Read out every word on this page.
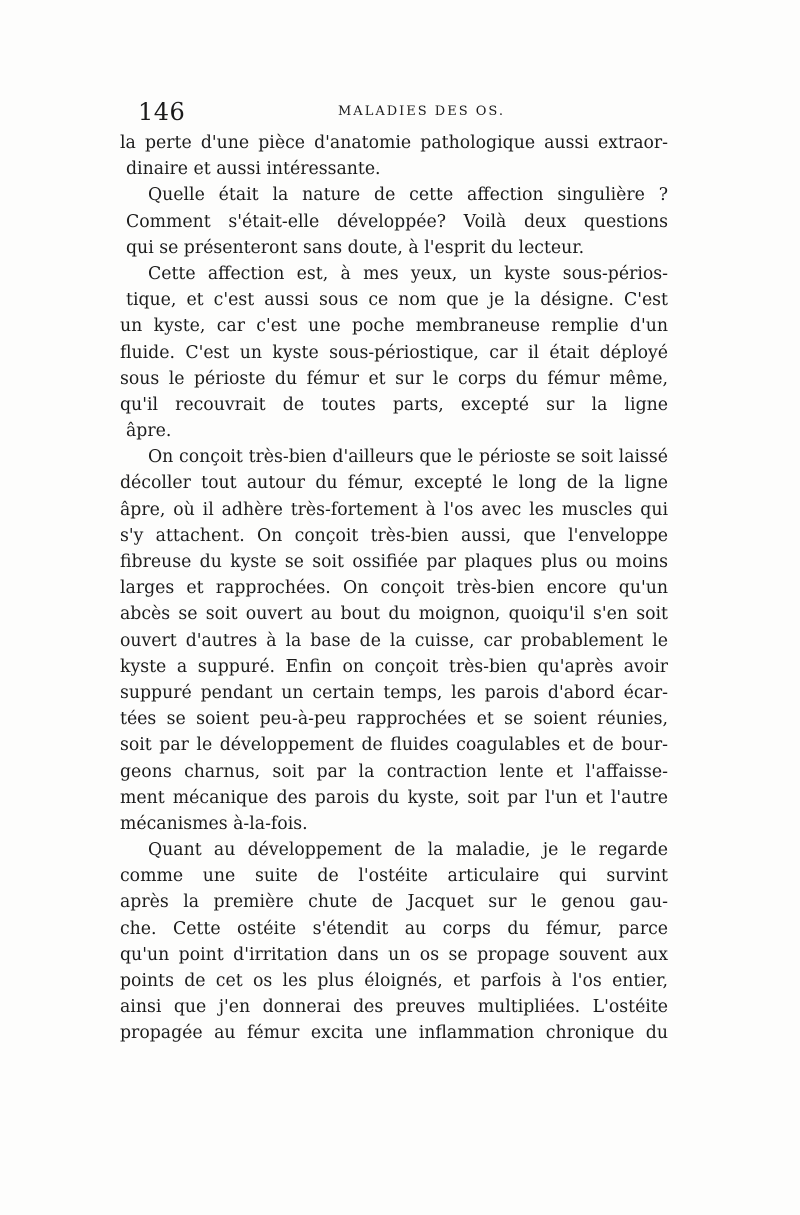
146	MALADIES DES OS.
la perte d'une pièce d'anatomie pathologique aussi extraor-
dinaire et aussi intéressante.
Quelle était la nature de cette affection singulière ?
Comment s'était-elle développée? Voilà deux questions
qui se présenteront sans doute, à l'esprit du lecteur.
Cette affection est, à mes yeux, un kyste sous-périos-
tique, et c'est aussi sous ce nom que je la désigne. C'est
un kyste, car c'est une poche membraneuse remplie d'un
fluide. C'est un kyste sous-périostique, car il était déployé
sous le périoste du fémur et sur le corps du fémur même,
qu'il recouvrait de toutes parts, excepté sur la ligne
âpre.
On conçoit très-bien d'ailleurs que le périoste se soit laissé
décoller tout autour du fémur, excepté le long de la ligne
âpre, où il adhère très-fortement à l'os avec les muscles qui
s'y attachent. On conçoit très-bien aussi, que l'enveloppe
fibreuse du kyste se soit ossifiée par plaques plus ou moins
larges et rapprochées. On conçoit très-bien encore qu'un
abcès se soit ouvert au bout du moignon, quoiqu'il s'en soit
ouvert d'autres à la base de la cuisse, car probablement le
kyste a suppuré. Enfin on conçoit très-bien qu'après avoir
suppuré pendant un certain temps, les parois d'abord écar-
tées se soient peu-à-peu rapprochées et se soient réunies,
soit par le développement de fluides coagulables et de bour-
geons charnus, soit par la contraction lente et l'affaisse-
ment mécanique des parois du kyste, soit par l'un et l'autre
mécanismes à-la-fois.
Quant au développement de la maladie, je le regarde
comme une suite de l'ostéite articulaire qui survint
après la première chute de Jacquet sur le genou gau-
che. Cette ostéite s'étendit au corps du fémur, parce
qu'un point d'irritation dans un os se propage souvent aux
points de cet os les plus éloignés, et parfois à l'os entier,
ainsi que j'en donnerai des preuves multipliées. L'ostéite
propagée au fémur excita une inflammation chronique du
